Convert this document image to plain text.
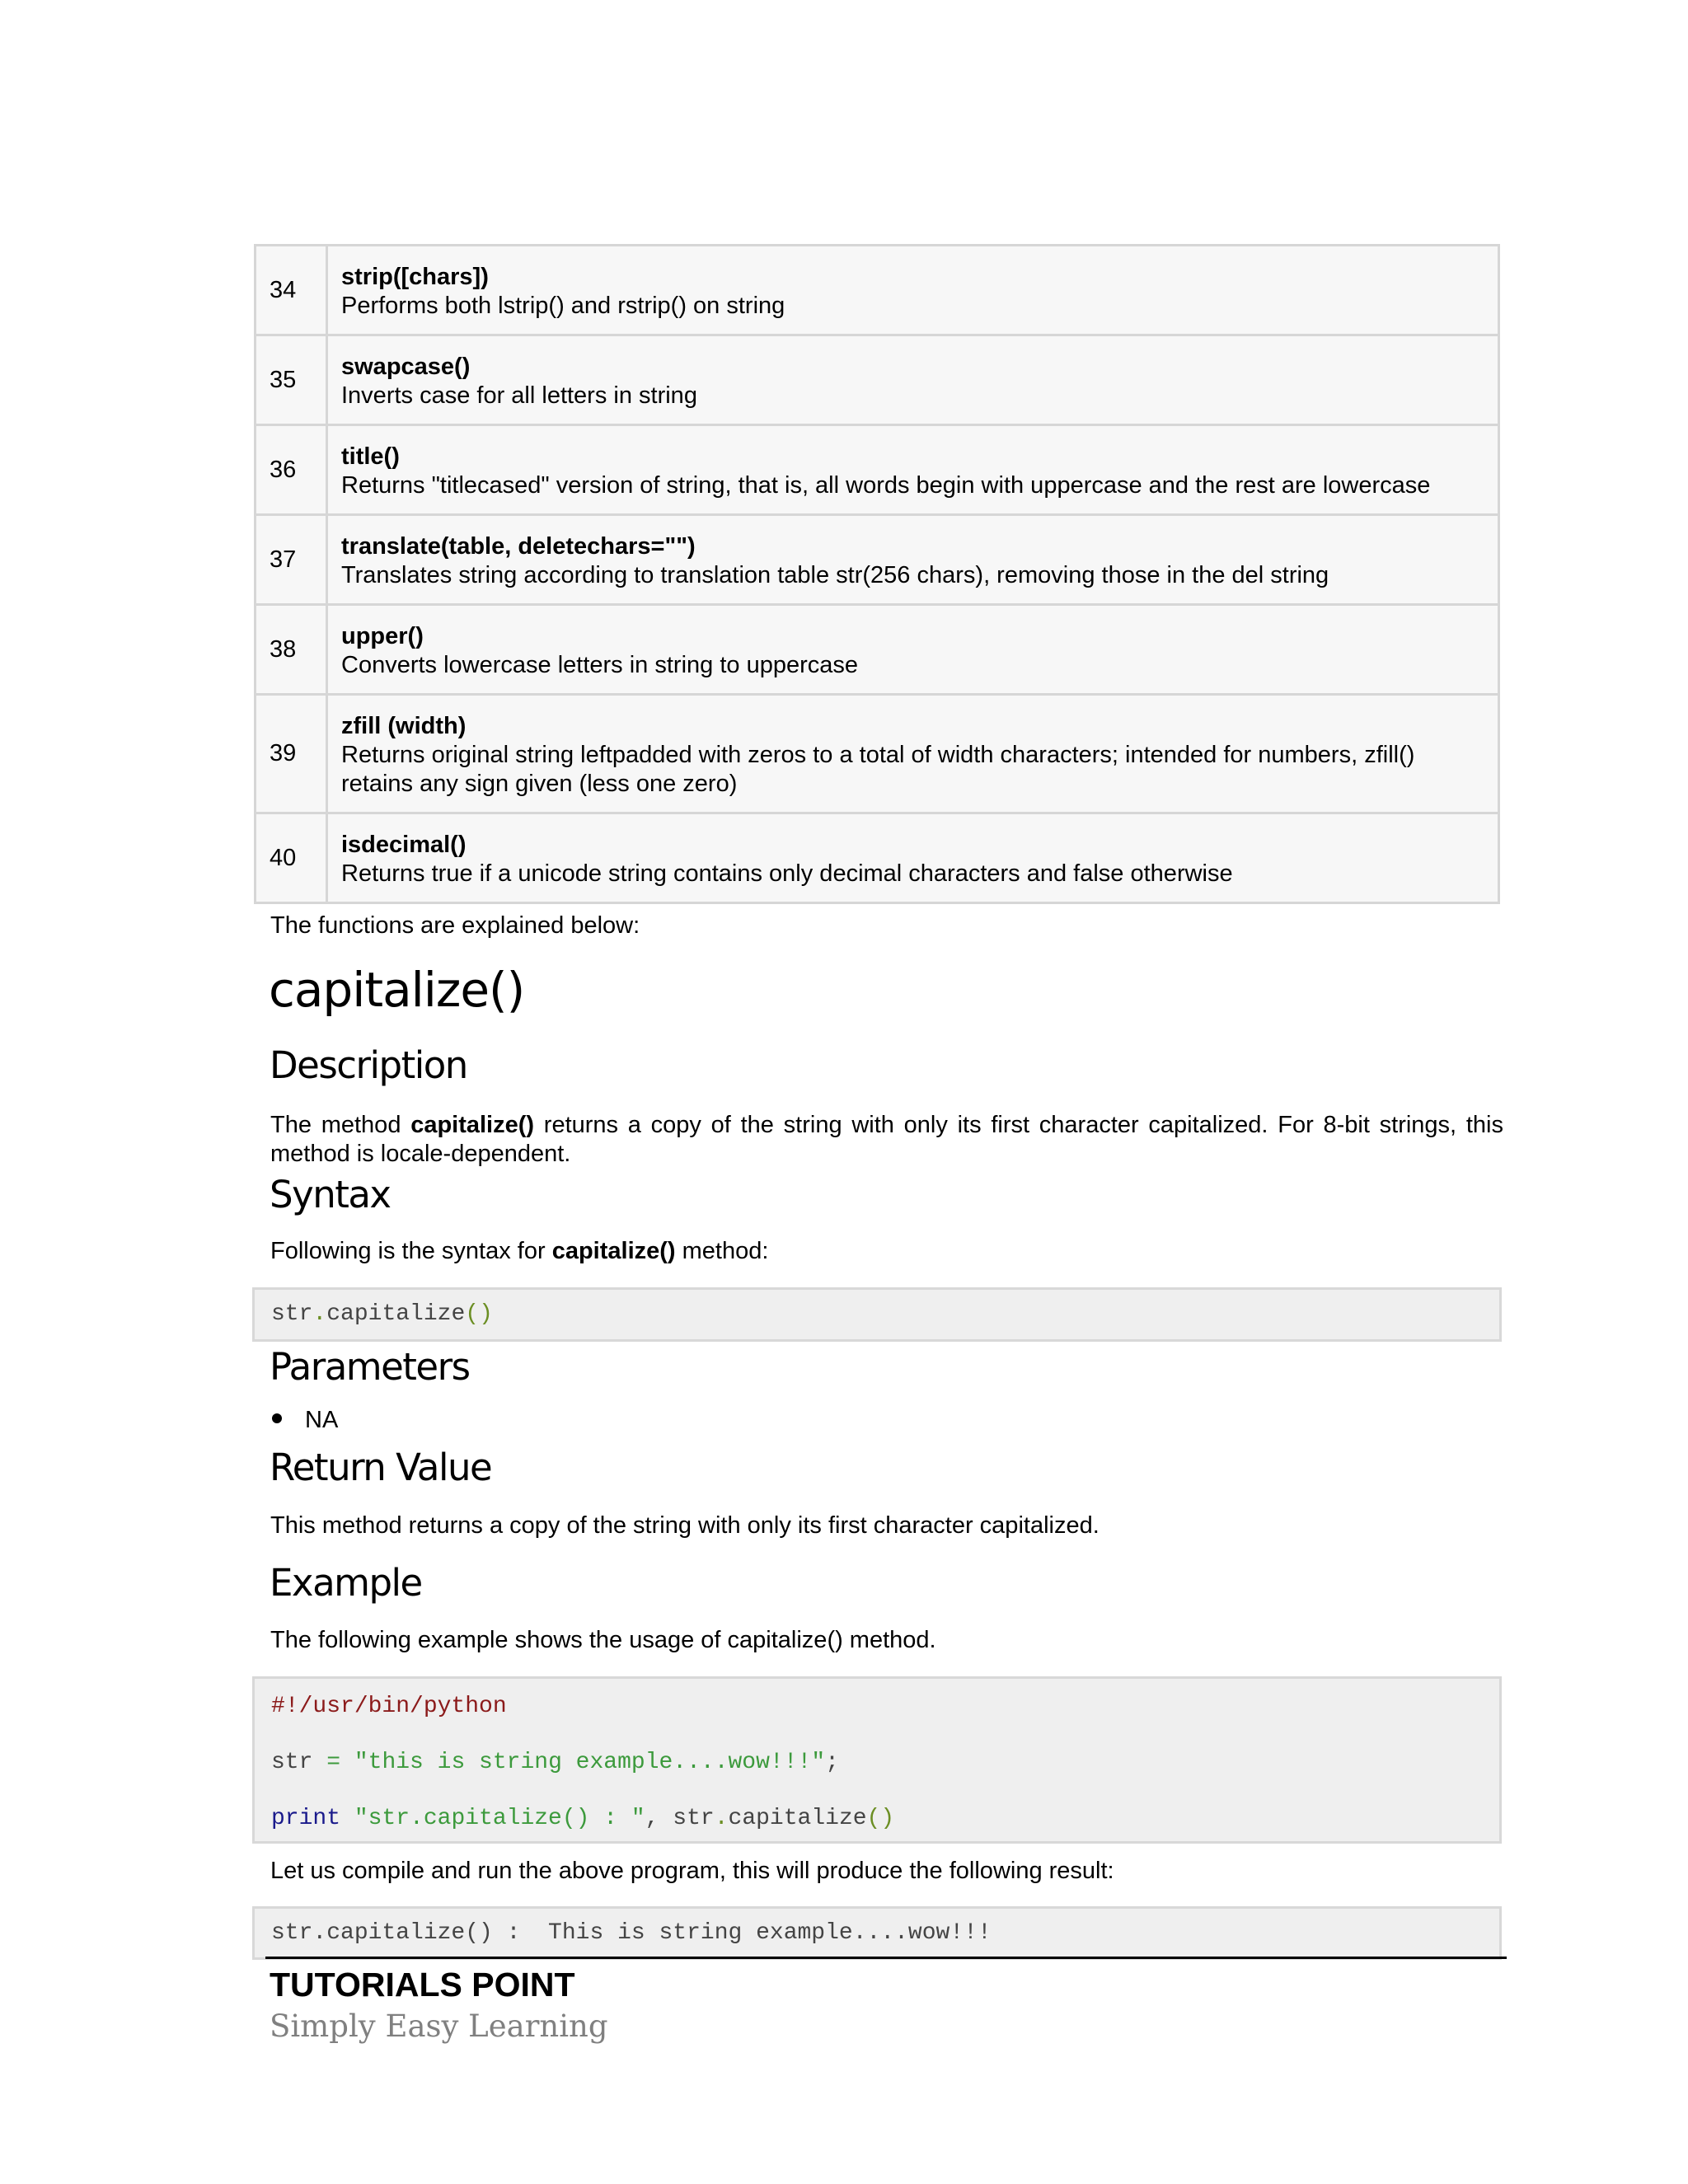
34	strip([chars])
Performs both lstrip() and rstrip() on string

35	swapcase()
Inverts case for all letters in string

36	title()
Returns "titlecased" version of string, that is, all words begin with uppercase and the rest are lowercase

37	translate(table, deletechars="")
Translates string according to translation table str(256 chars), removing those in the del string

38	upper()
Converts lowercase letters in string to uppercase

39	zfill (width)
Returns original string leftpadded with zeros to a total of width characters; intended for numbers, zfill() retains any sign given (less one zero)

40	isdecimal()
Returns true if a unicode string contains only decimal characters and false otherwise

The functions are explained below:

capitalize()
Description

The method capitalize() returns a copy of the string with only its first character capitalized. For 8-bit strings, this method is locale-dependent.

Syntax

Following is the syntax for capitalize() method:

str.capitalize()
Parameters
NA
Return Value

This method returns a copy of the string with only its first character capitalized.

Example

The following example shows the usage of capitalize() method.

#!/usr/bin/python
str = "this is string example....wow!!!";
print "str.capitalize() : ", str.capitalize()

Let us compile and run the above program, this will produce the following result:

str.capitalize() :  This is string example....wow!!!

TUTORIALS POINT

Simply Easy Learning
